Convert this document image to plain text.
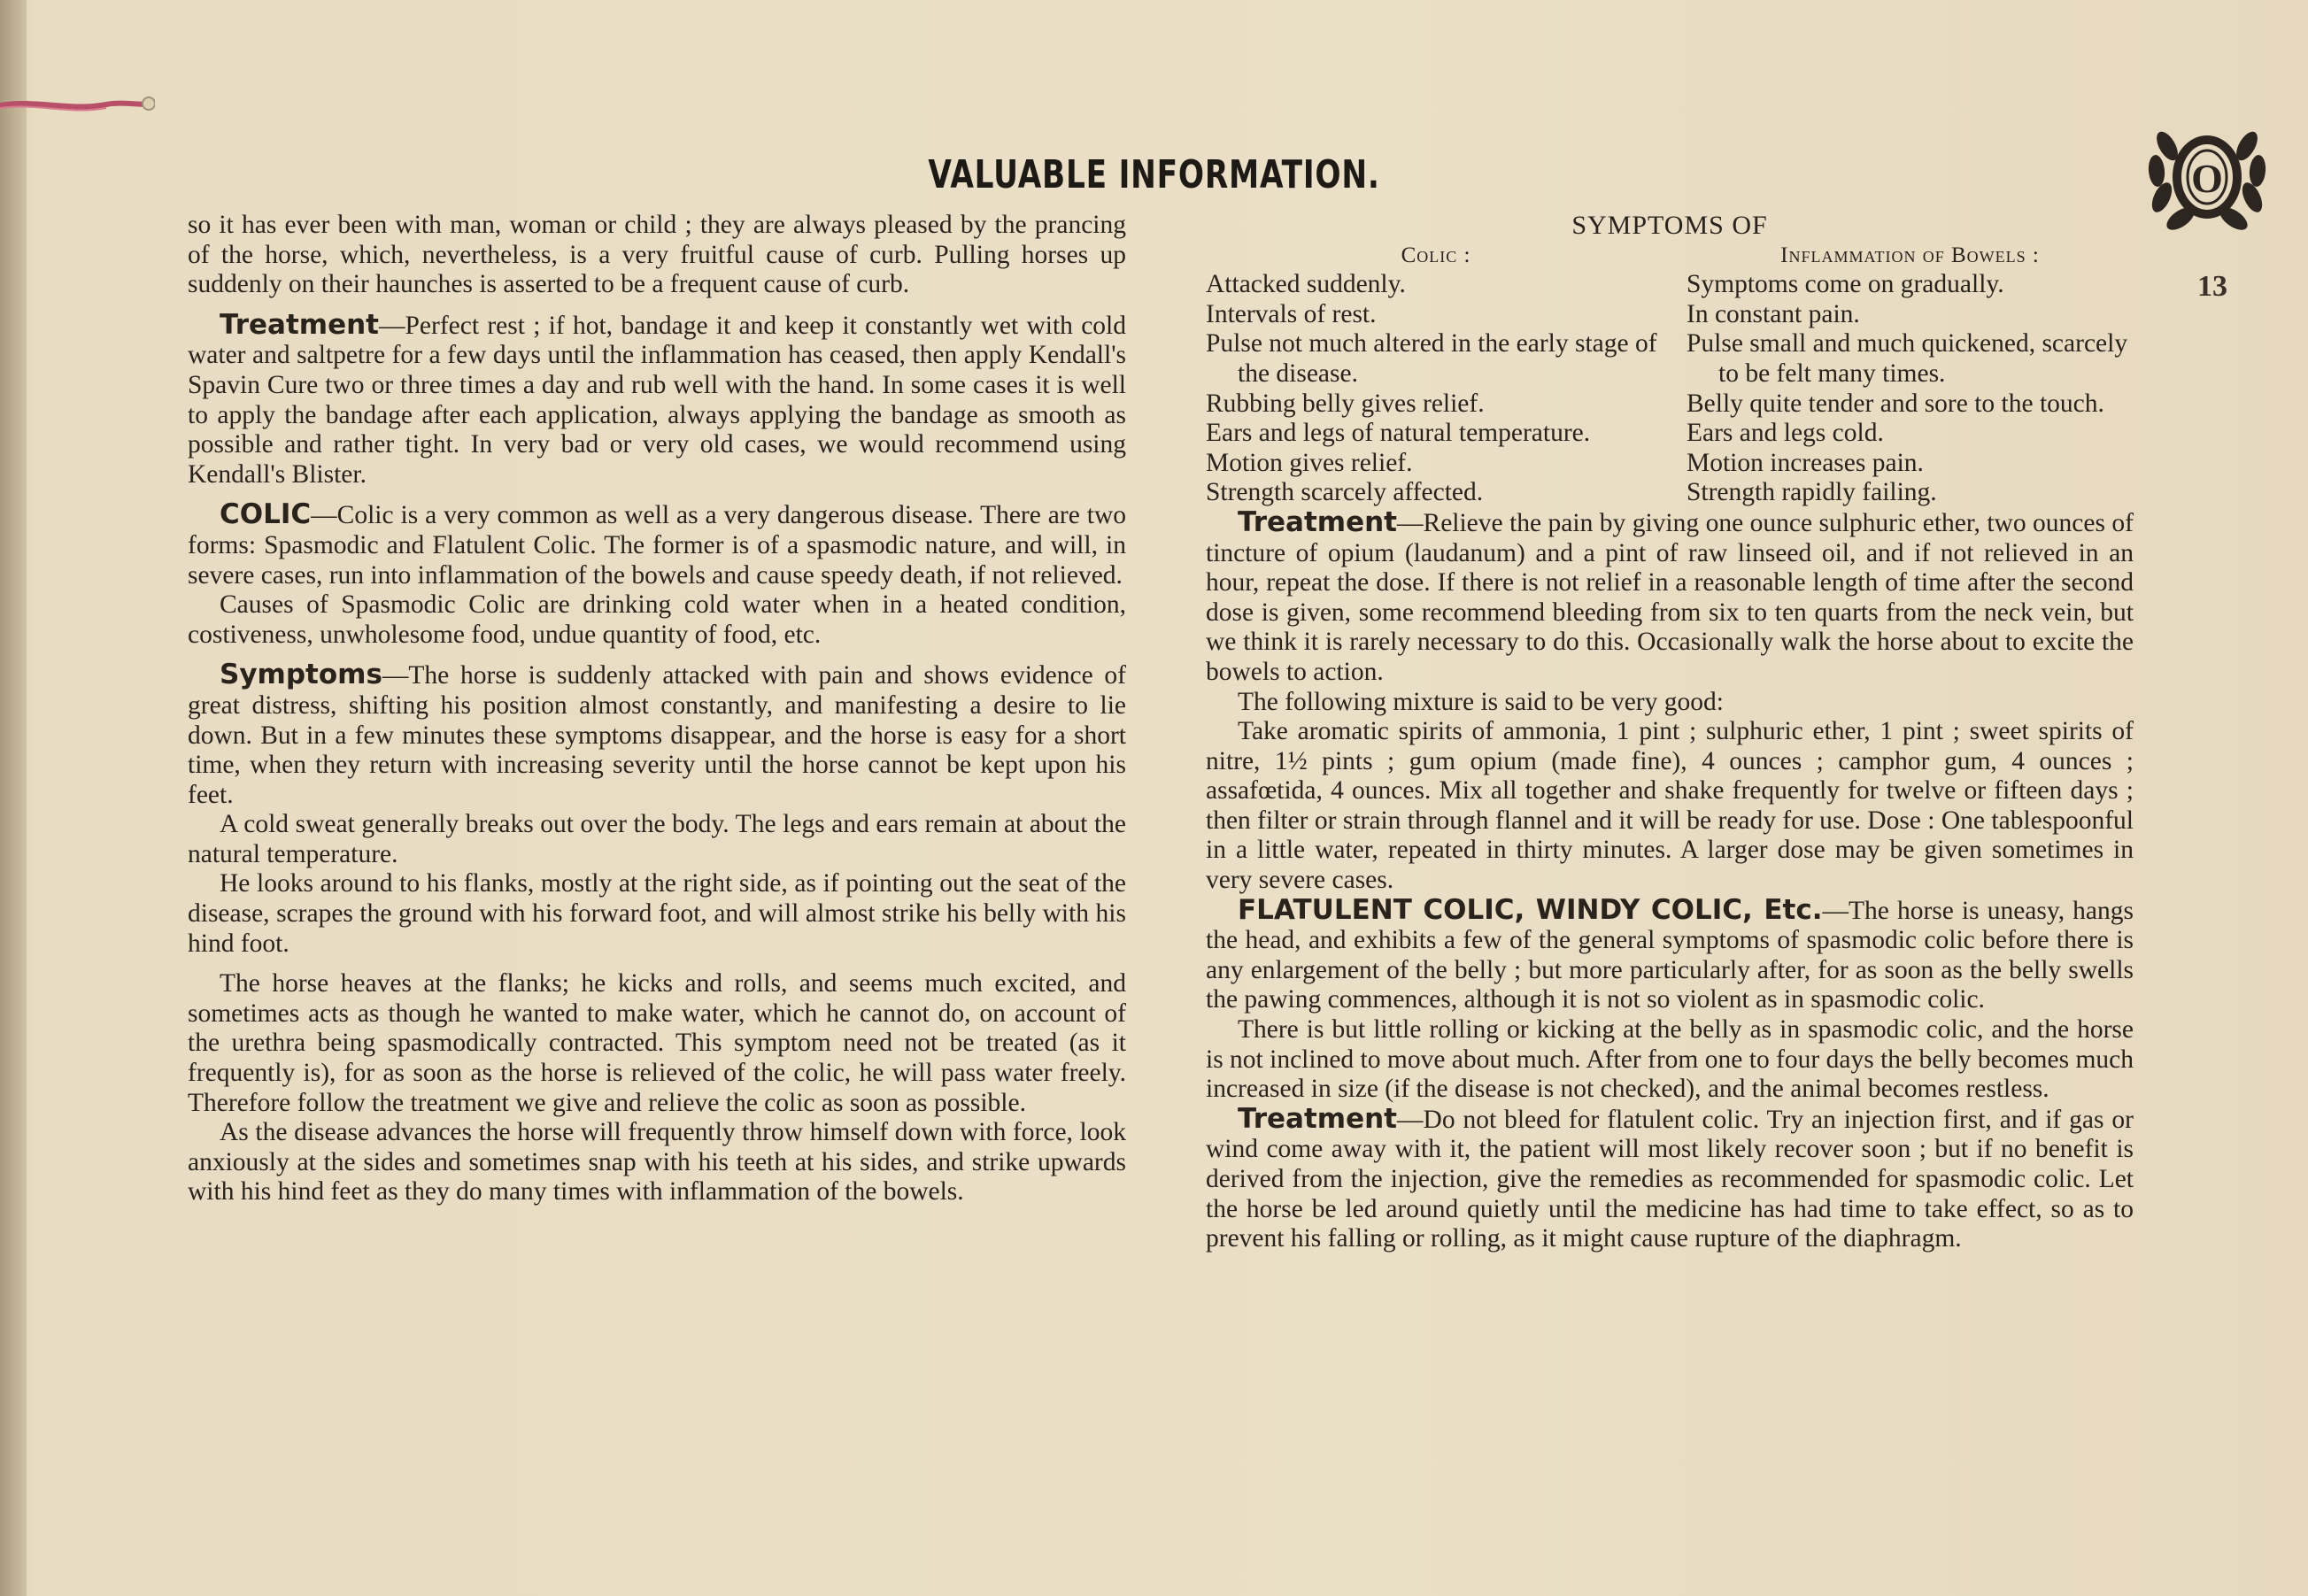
VALUABLE INFORMATION.	O
13

so it has ever been with man, woman or child ; they are always pleased by the prancing of the horse, which, nevertheless, is a very fruitful cause of curb. Pulling horses up suddenly on their haunches is asserted to be a frequent cause of curb.

Treatment—Perfect rest ; if hot, bandage it and keep it constantly wet with cold water and saltpetre for a few days until the inflammation has ceased, then apply Kendall's Spavin Cure two or three times a day and rub well with the hand. In some cases it is well to apply the bandage after each application, always applying the bandage as smooth as possible and rather tight. In very bad or very old cases, we would recommend using Kendall's Blister.

COLIC—Colic is a very common as well as a very dangerous disease. There are two forms: Spasmodic and Flatulent Colic. The former is of a spasmodic nature, and will, in severe cases, run into inflammation of the bowels and cause speedy death, if not relieved.

Causes of Spasmodic Colic are drinking cold water when in a heated condition, costiveness, unwholesome food, undue quantity of food, etc.

Symptoms—The horse is suddenly attacked with pain and shows evidence of great distress, shifting his position almost constantly, and manifesting a desire to lie down. But in a few minutes these symptoms disappear, and the horse is easy for a short time, when they return with increasing severity until the horse cannot be kept upon his feet.

A cold sweat generally breaks out over the body. The legs and ears remain at about the natural temperature.

He looks around to his flanks, mostly at the right side, as if pointing out the seat of the disease, scrapes the ground with his forward foot, and will almost strike his belly with his hind foot.

The horse heaves at the flanks; he kicks and rolls, and seems much excited, and sometimes acts as though he wanted to make water, which he cannot do, on account of the urethra being spasmodically contracted. This symptom need not be treated (as it frequently is), for as soon as the horse is relieved of the colic, he will pass water freely. Therefore follow the treatment we give and relieve the colic as soon as possible.

As the disease advances the horse will frequently throw himself down with force, look anxiously at the sides and sometimes snap with his teeth at his sides, and strike upwards with his hind feet as they do many times with inflammation of the bowels.

SYMPTOMS OF

Colic :

Attacked suddenly.
Intervals of rest.
Pulse not much altered in the early stage of the disease.
Rubbing belly gives relief.
Ears and legs of natural temperature.
Motion gives relief.
Strength scarcely affected.

Inflammation of Bowels :

Symptoms come on gradually.
In constant pain.
Pulse small and much quickened, scarcely to be felt many times.
Belly quite tender and sore to the touch.
Ears and legs cold.
Motion increases pain.
Strength rapidly failing.

Treatment—Relieve the pain by giving one ounce sulphuric ether, two ounces of tincture of opium (laudanum) and a pint of raw linseed oil, and if not relieved in an hour, repeat the dose. If there is not relief in a reasonable length of time after the second dose is given, some recommend bleeding from six to ten quarts from the neck vein, but we think it is rarely necessary to do this. Occasionally walk the horse about to excite the bowels to action.

The following mixture is said to be very good:

Take aromatic spirits of ammonia, 1 pint ; sulphuric ether, 1 pint ; sweet spirits of nitre, 1½ pints ; gum opium (made fine), 4 ounces ; camphor gum, 4 ounces ; assafœtida, 4 ounces. Mix all together and shake frequently for twelve or fifteen days ; then filter or strain through flannel and it will be ready for use. Dose : One tablespoonful in a little water, repeated in thirty minutes. A larger dose may be given sometimes in very severe cases.

FLATULENT COLIC, WINDY COLIC, Etc.—The horse is uneasy, hangs the head, and exhibits a few of the general symptoms of spasmodic colic before there is any enlargement of the belly ; but more particularly after, for as soon as the belly swells the pawing commences, although it is not so violent as in spasmodic colic.

There is but little rolling or kicking at the belly as in spasmodic colic, and the horse is not inclined to move about much. After from one to four days the belly becomes much increased in size (if the disease is not checked), and the animal becomes restless.

Treatment—Do not bleed for flatulent colic. Try an injection first, and if gas or wind come away with it, the patient will most likely recover soon ; but if no benefit is derived from the injection, give the remedies as recommended for spasmodic colic. Let the horse be led around quietly until the medicine has had time to take effect, so as to prevent his falling or rolling, as it might cause rupture of the diaphragm.
